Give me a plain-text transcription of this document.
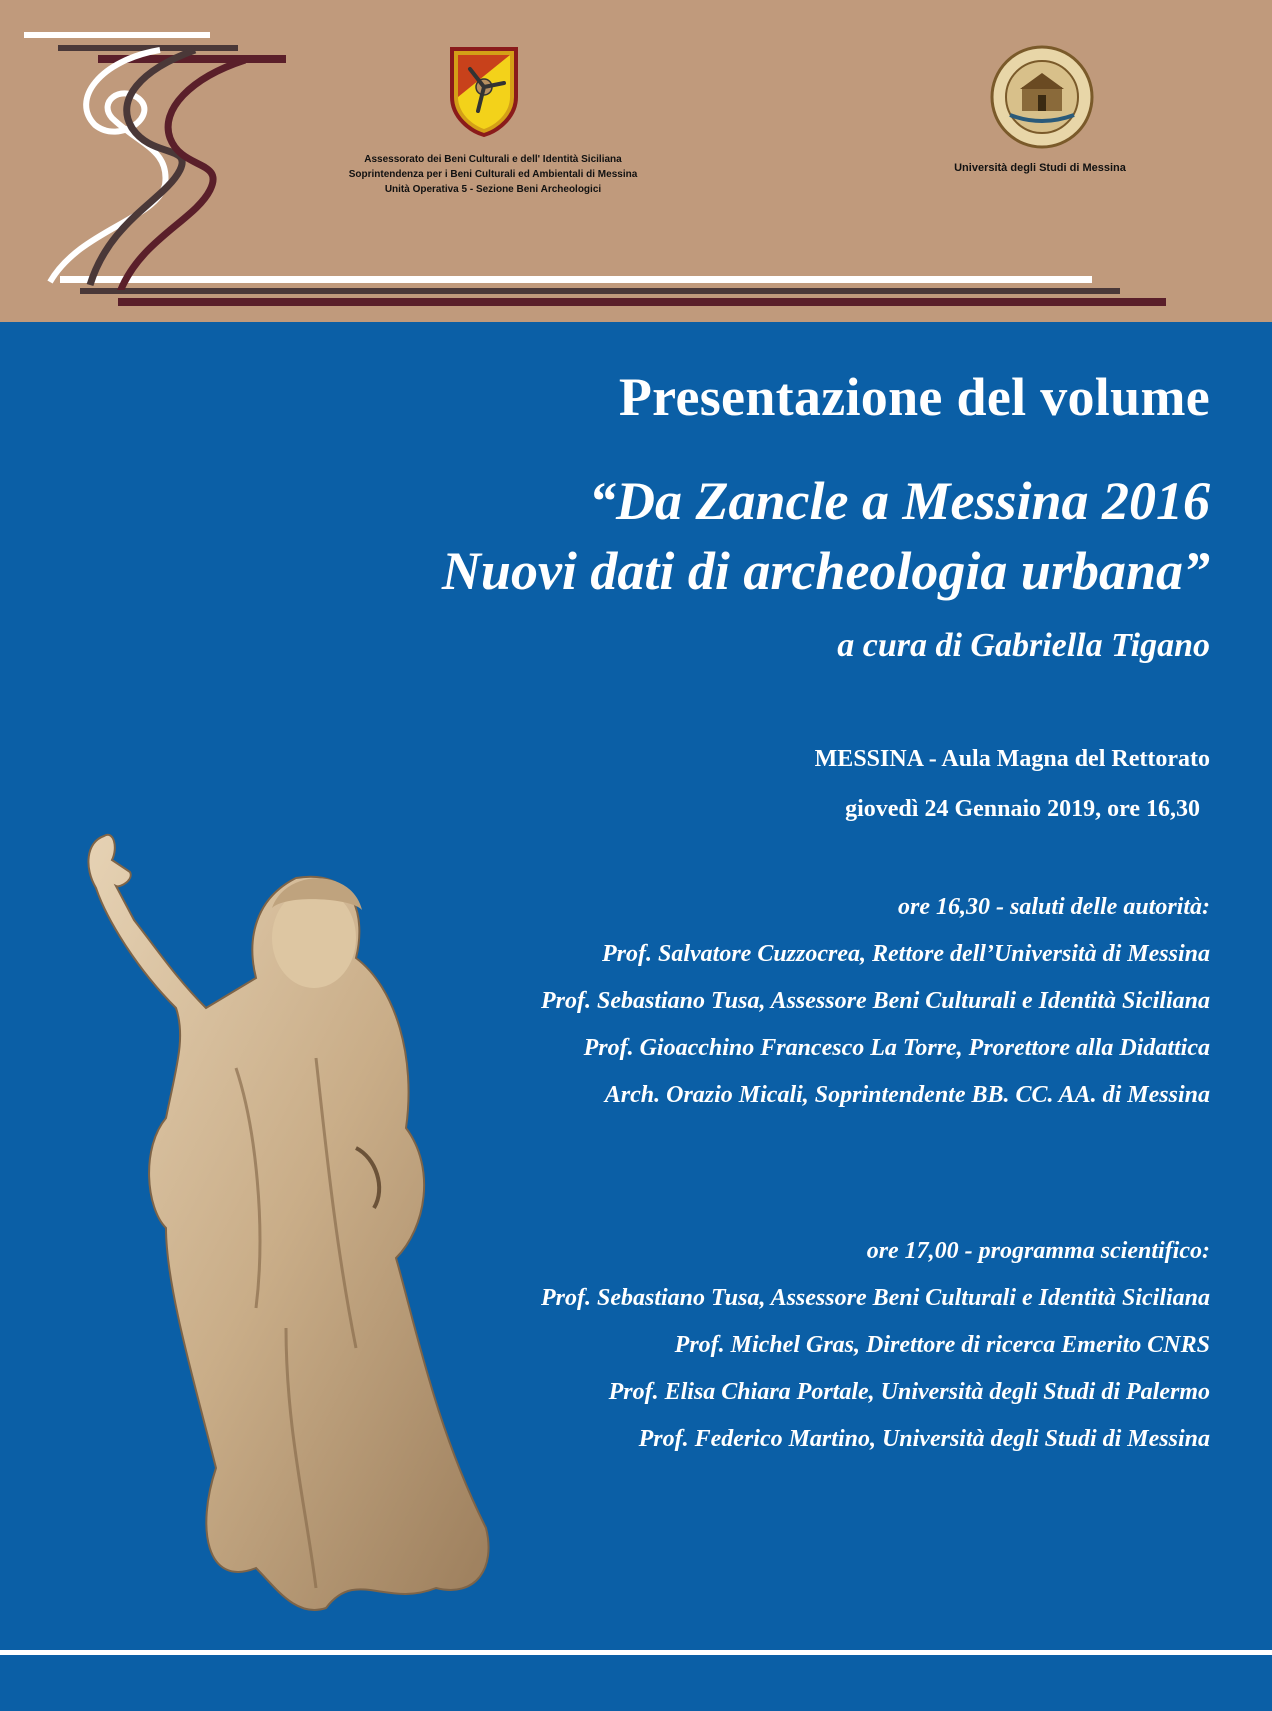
Assessorato dei Beni Culturali e dell' Identità Siciliana
Soprintendenza per i Beni Culturali ed Ambientali di Messina
Unità Operativa 5 - Sezione Beni Archeologici
Università degli Studi di Messina
Presentazione del volume
“Da Zancle a Messina 2016
Nuovi dati di archeologia urbana”
a cura di Gabriella Tigano
MESSINA - Aula Magna del Rettorato
giovedì 24 Gennaio 2019, ore 16,30
ore 16,30 - saluti delle autorità:
Prof. Salvatore Cuzzocrea, Rettore dell’Università di Messina
Prof. Sebastiano Tusa, Assessore Beni Culturali e Identità Siciliana
Prof. Gioacchino Francesco La Torre, Prorettore alla Didattica
Arch. Orazio Micali, Soprintendente BB. CC. AA. di Messina
ore 17,00 - programma scientifico:
Prof. Sebastiano Tusa, Assessore Beni Culturali e Identità Siciliana
Prof. Michel Gras, Direttore di ricerca Emerito CNRS
Prof. Elisa Chiara Portale, Università degli Studi di Palermo
Prof. Federico Martino, Università degli Studi di Messina
